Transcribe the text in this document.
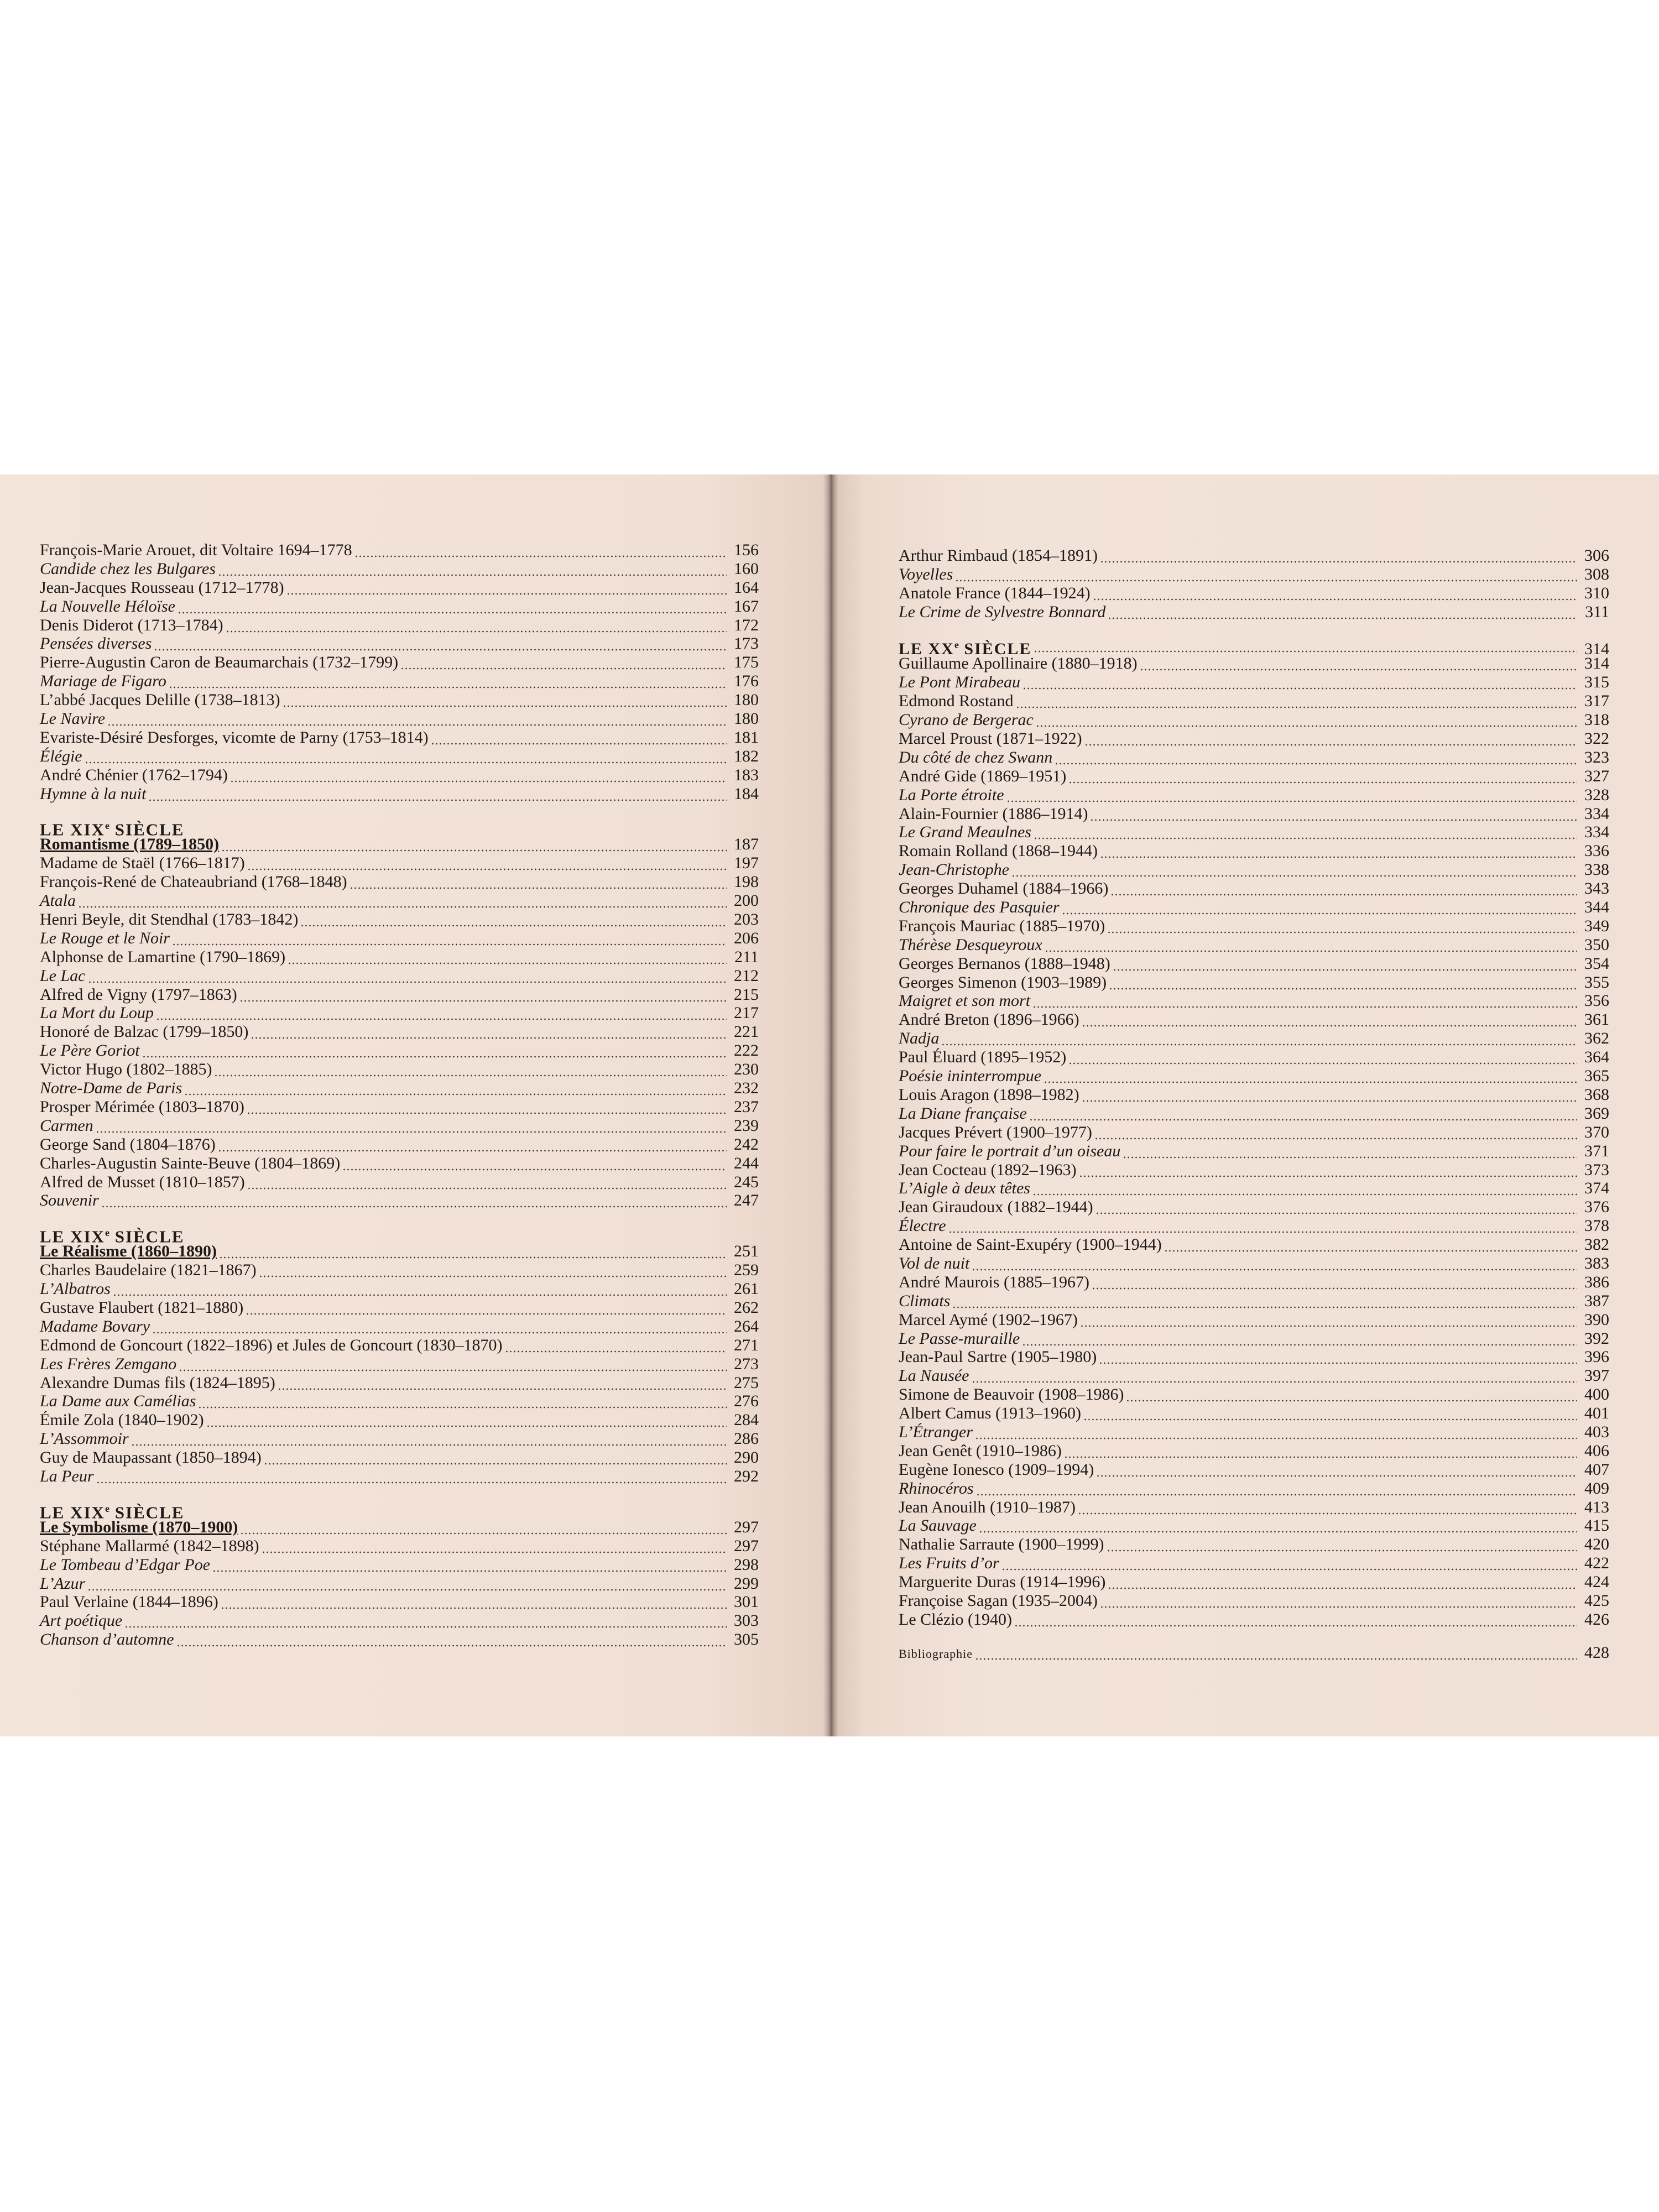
François-Marie Arouet, dit Voltaire 1694–1778	156
Candide chez les Bulgares	160
Jean-Jacques Rousseau (1712–1778)	164
La Nouvelle Héloïse	167
Denis Diderot (1713–1784)	172
Pensées diverses	173
Pierre-Augustin Caron de Beaumarchais (1732–1799)	175
Mariage de Figaro	176
L’abbé Jacques Delille (1738–1813)	180
Le Navire	180
Evariste-Désiré Desforges, vicomte de Parny (1753–1814)	181
Élégie	182
André Chénier (1762–1794)	183
Hymne à la nuit	184
LE XIXe SIÈCLE
Romantisme (1789–1850)	187
Madame de Staël (1766–1817)	197
François-René de Chateaubriand (1768–1848)	198
Atala	200
Henri Beyle, dit Stendhal (1783–1842)	203
Le Rouge et le Noir	206
Alphonse de Lamartine (1790–1869)	211
Le Lac	212
Alfred de Vigny (1797–1863)	215
La Mort du Loup	217
Honoré de Balzac (1799–1850)	221
Le Père Goriot	222
Victor Hugo (1802–1885)	230
Notre-Dame de Paris	232
Prosper Mérimée (1803–1870)	237
Carmen	239
George Sand (1804–1876)	242
Charles-Augustin Sainte-Beuve (1804–1869)	244
Alfred de Musset (1810–1857)	245
Souvenir	247
LE XIXe SIÈCLE
Le Réalisme (1860–1890)	251
Charles Baudelaire (1821–1867)	259
L’Albatros	261
Gustave Flaubert (1821–1880)	262
Madame Bovary	264
Edmond de Goncourt (1822–1896) et Jules de Goncourt (1830–1870)	271
Les Frères Zemgano	273
Alexandre Dumas fils (1824–1895)	275
La Dame aux Camélias	276
Émile Zola (1840–1902)	284
L’Assommoir	286
Guy de Maupassant (1850–1894)	290
La Peur	292
LE XIXe SIÈCLE
Le Symbolisme (1870–1900)	297
Stéphane Mallarmé (1842–1898)	297
Le Tombeau d’Edgar Poe	298
L’Azur	299
Paul Verlaine (1844–1896)	301
Art poétique	303
Chanson d’automne	305
Arthur Rimbaud (1854–1891)	306
Voyelles	308
Anatole France (1844–1924)	310
Le Crime de Sylvestre Bonnard	311
LE XXe SIÈCLE	314
Guillaume Apollinaire (1880–1918)	314
Le Pont Mirabeau	315
Edmond Rostand	317
Cyrano de Bergerac	318
Marcel Proust (1871–1922)	322
Du côté de chez Swann	323
André Gide (1869–1951)	327
La Porte étroite	328
Alain-Fournier (1886–1914)	334
Le Grand Meaulnes	334
Romain Rolland (1868–1944)	336
Jean-Christophe	338
Georges Duhamel (1884–1966)	343
Chronique des Pasquier	344
François Mauriac (1885–1970)	349
Thérèse Desqueyroux	350
Georges Bernanos (1888–1948)	354
Georges Simenon (1903–1989)	355
Maigret et son mort	356
André Breton (1896–1966)	361
Nadja	362
Paul Éluard (1895–1952)	364
Poésie ininterrompue	365
Louis Aragon (1898–1982)	368
La Diane française	369
Jacques Prévert (1900–1977)	370
Pour faire le portrait d’un oiseau	371
Jean Cocteau (1892–1963)	373
L’Aigle à deux têtes	374
Jean Giraudoux (1882–1944)	376
Électre	378
Antoine de Saint-Exupéry (1900–1944)	382
Vol de nuit	383
André Maurois (1885–1967)	386
Climats	387
Marcel Aymé (1902–1967)	390
Le Passe-muraille	392
Jean-Paul Sartre (1905–1980)	396
La Nausée	397
Simone de Beauvoir (1908–1986)	400
Albert Camus (1913–1960)	401
L’Étranger	403
Jean Genêt (1910–1986)	406
Eugène Ionesco (1909–1994)	407
Rhinocéros	409
Jean Anouilh (1910–1987)	413
La Sauvage	415
Nathalie Sarraute (1900–1999)	420
Les Fruits d’or	422
Marguerite Duras (1914–1996)	424
Françoise Sagan (1935–2004)	425
Le Clézio (1940)	426
Bibliographie	428
